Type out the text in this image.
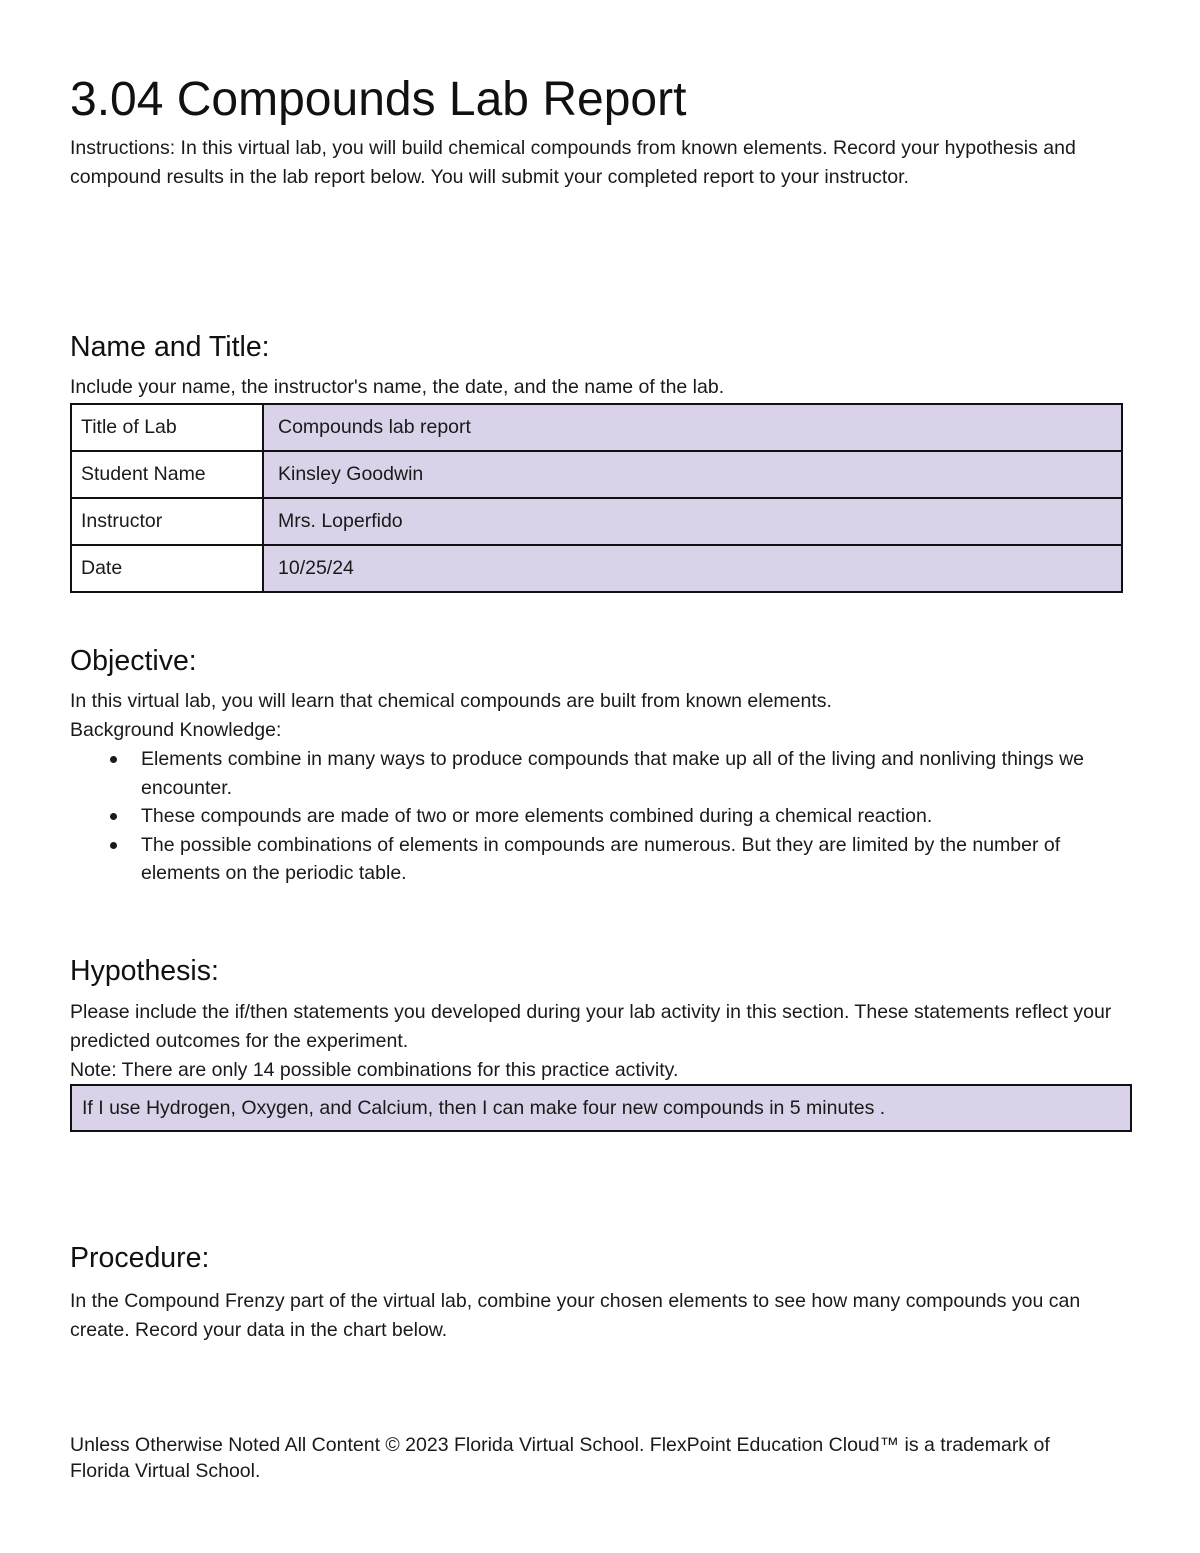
3.04 Compounds Lab Report

Instructions: In this virtual lab, you will build chemical compounds from known elements. Record your hypothesis and compound results in the lab report below. You will submit your completed report to your instructor.

Name and Title:

Include your name, the instructor's name, the date, and the name of the lab.

Title of Lab	Compounds lab report
Student Name	Kinsley Goodwin
Instructor	Mrs. Loperfido
Date	10/25/24
Objective:

In this virtual lab, you will learn that chemical compounds are built from known elements.

Background Knowledge:

Elements combine in many ways to produce compounds that make up all of the living and nonliving things we encounter.
These compounds are made of two or more elements combined during a chemical reaction.
The possible combinations of elements in compounds are numerous. But they are limited by the number of elements on the periodic table.
Hypothesis:

Please include the if/then statements you developed during your lab activity in this section. These statements reflect your predicted outcomes for the experiment.

Note: There are only 14 possible combinations for this practice activity.

If I use Hydrogen, Oxygen, and Calcium, then I can make four new compounds in 5 minutes .
Procedure:

In the Compound Frenzy part of the virtual lab, combine your chosen elements to see how many compounds you can create. Record your data in the chart below.

Unless Otherwise Noted All Content © 2023 Florida Virtual School. FlexPoint Education Cloud™ is a trademark of Florida Virtual School.
